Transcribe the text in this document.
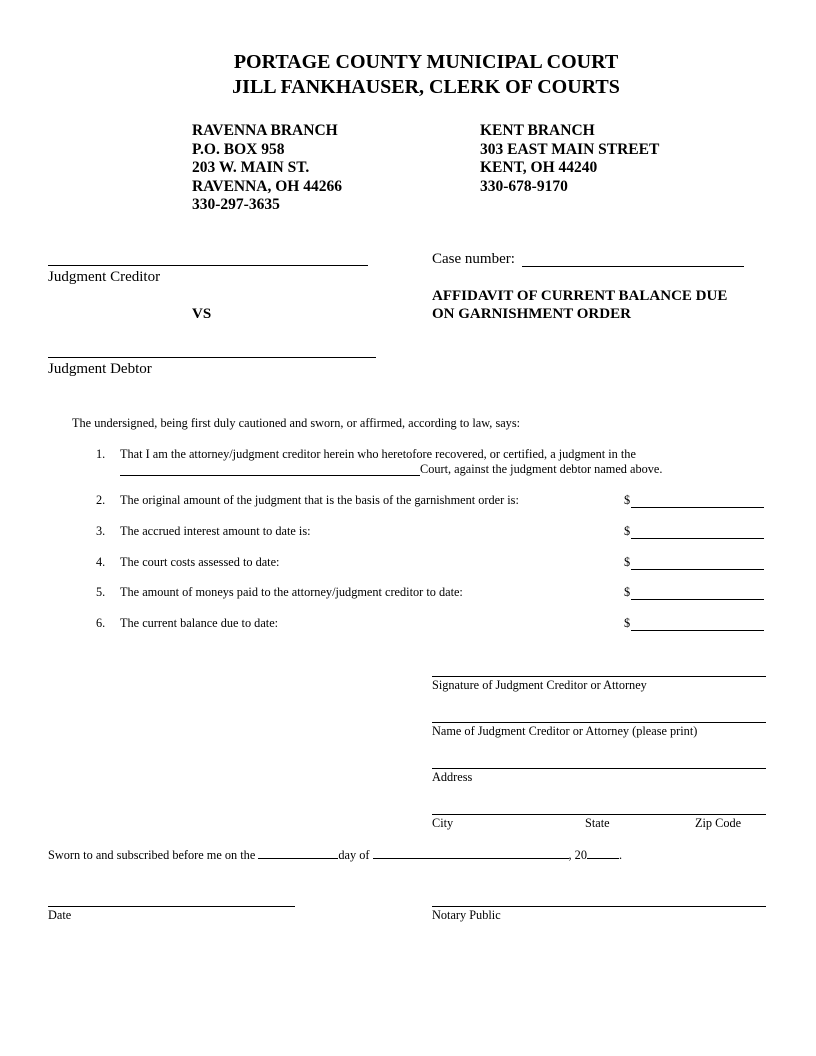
PORTAGE COUNTY MUNICIPAL COURT
JILL FANKHAUSER, CLERK OF COURTS
RAVENNA BRANCH
P.O. BOX 958
203 W. MAIN ST.
RAVENNA, OH 44266
330-297-3635
KENT BRANCH
303 EAST MAIN STREET
KENT, OH 44240
330-678-9170
Judgment Creditor
Case number:
AFFIDAVIT OF CURRENT BALANCE DUE
ON GARNISHMENT ORDER
VS
Judgment Debtor
The undersigned, being first duly cautioned and sworn, or affirmed, according to law, says:
1. That I am the attorney/judgment creditor herein who heretofore recovered, or certified, a judgment in the
Court, against the judgment debtor named above.
2. The original amount of the judgment that is the basis of the garnishment order is:	$
3. The accrued interest amount to date is:	$
4. The court costs assessed to date:	$
5. The amount of moneys paid to the attorney/judgment creditor to date:	$
6. The current balance due to date:	$
Signature of Judgment Creditor or Attorney
Name of Judgment Creditor or Attorney (please print)
Address
City	State	Zip Code
Sworn to and subscribed before me on the	day of	, 20	.
Date	Notary Public
